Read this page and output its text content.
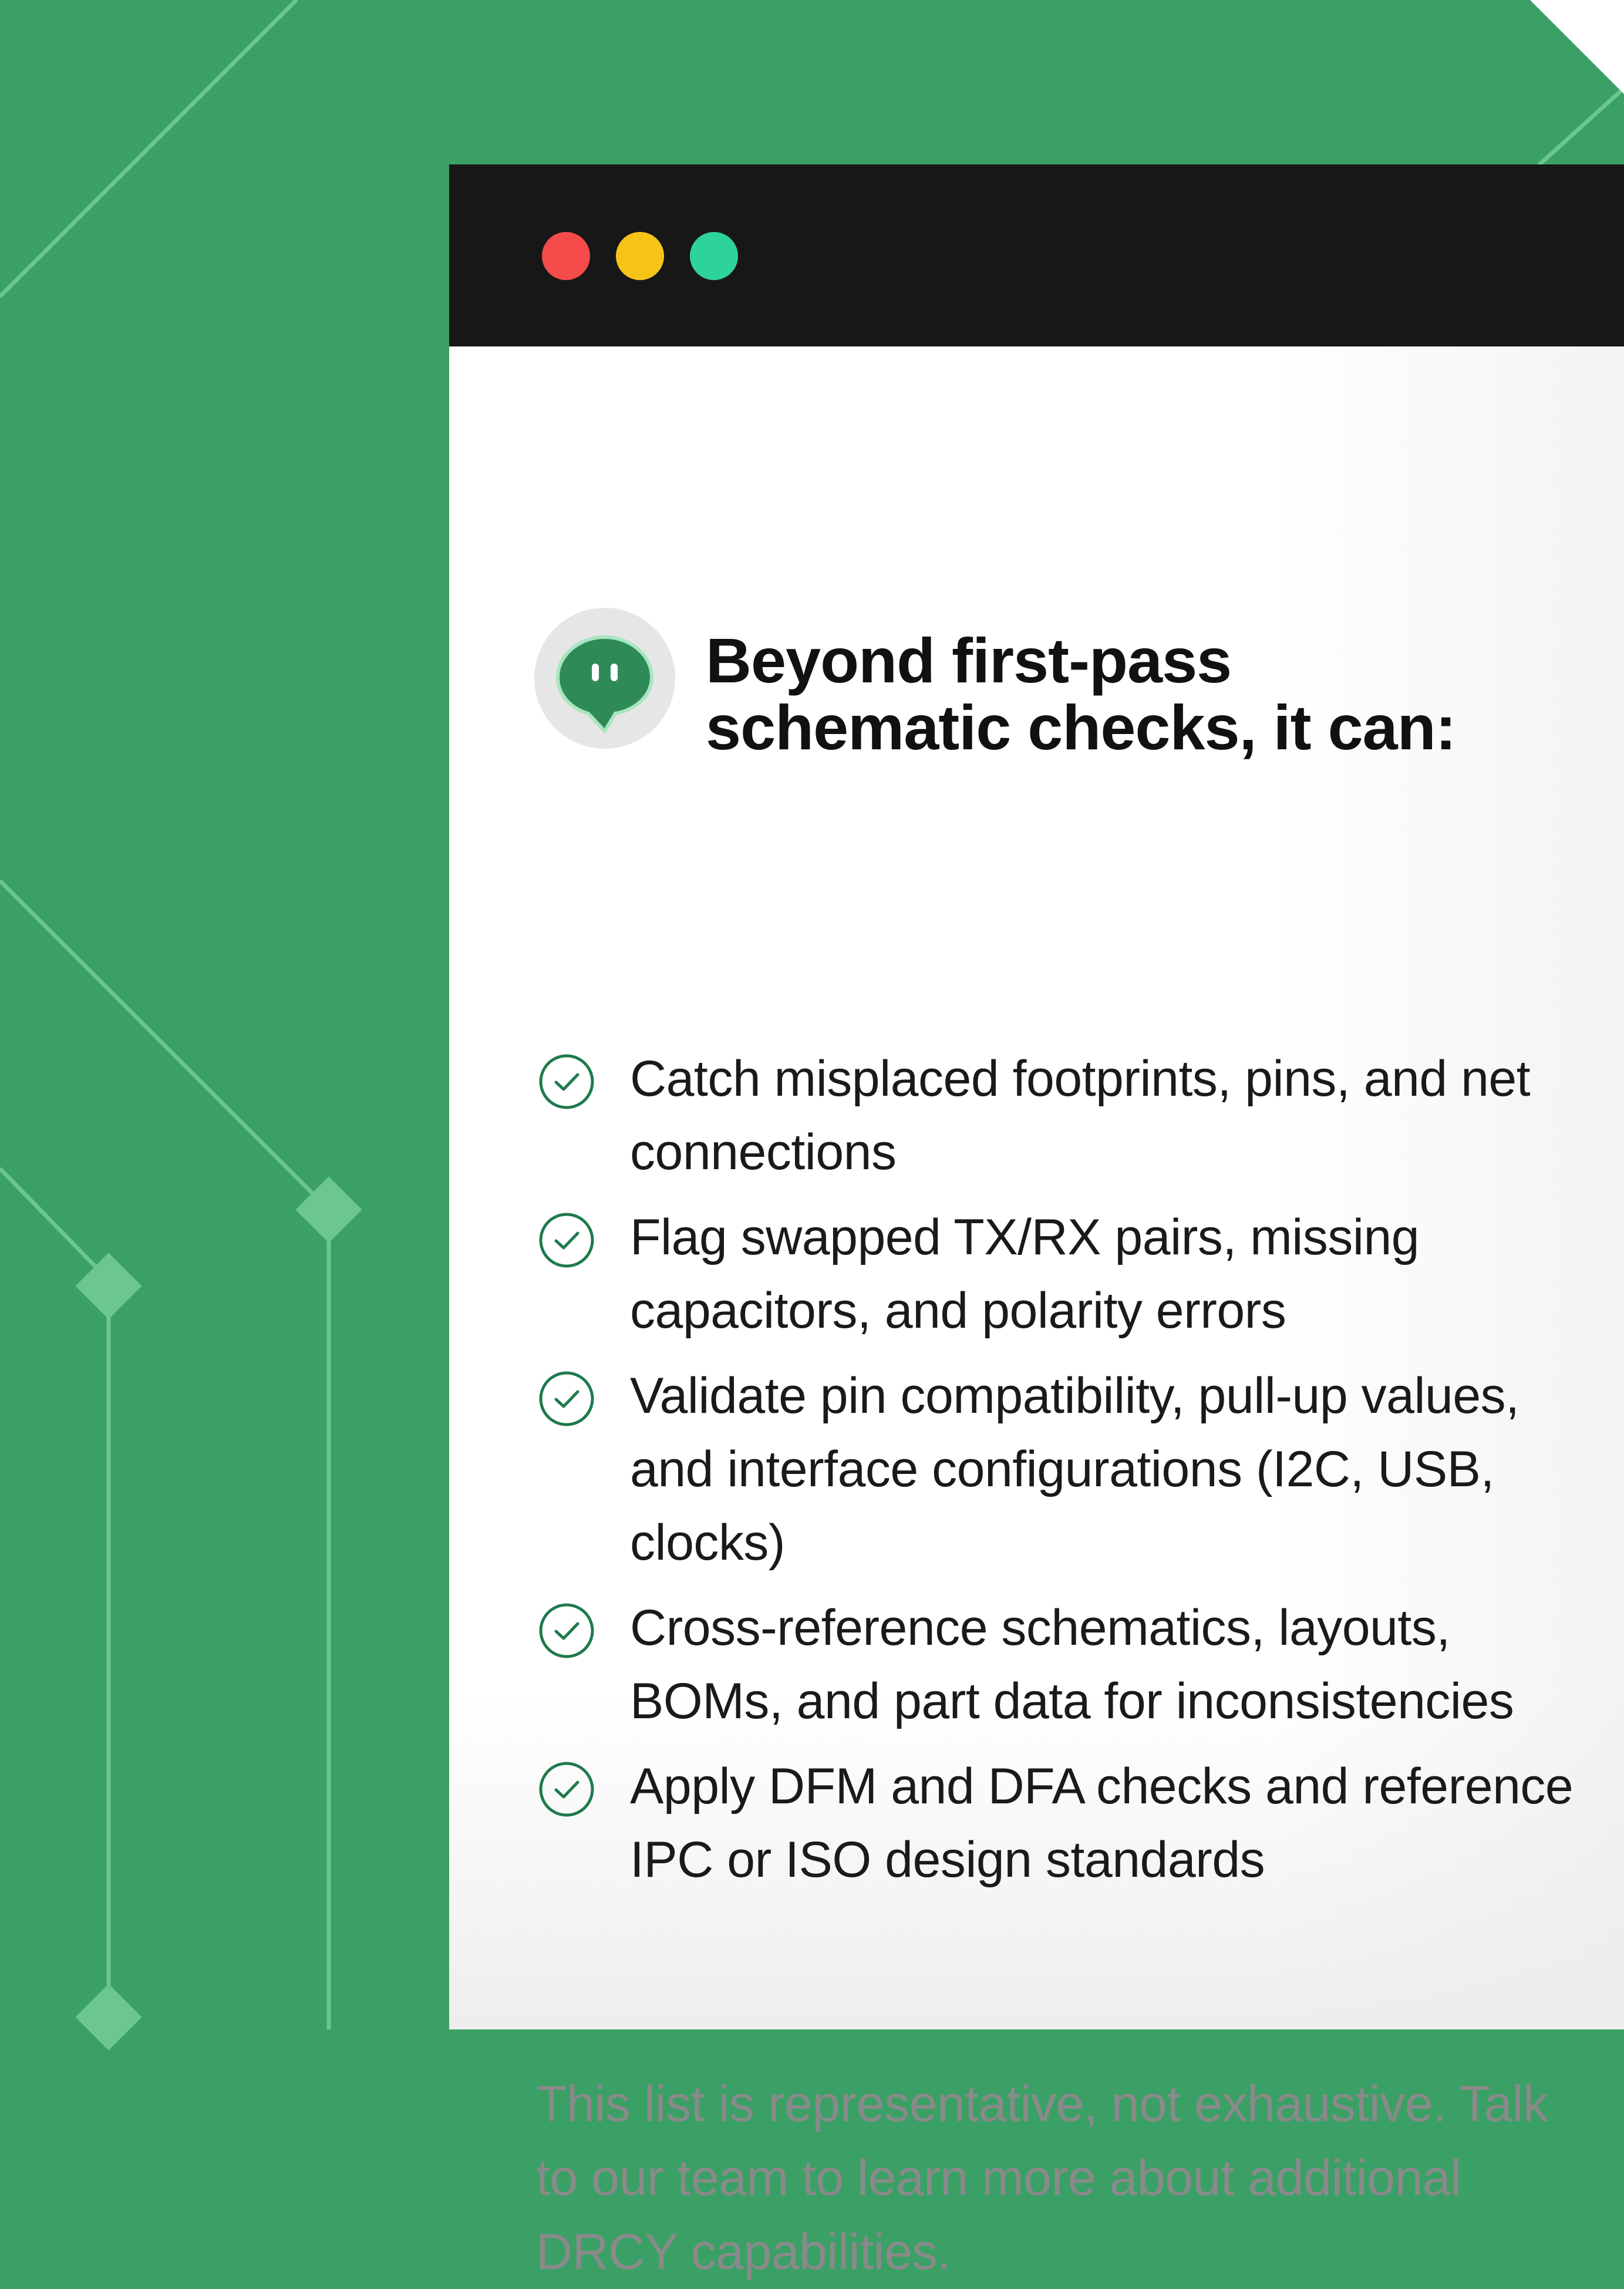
Beyond first-pass
schematic checks, it can:
Catch misplaced footprints, pins, and net connections
Flag swapped TX/RX pairs, missing capacitors, and polarity errors
Validate pin compatibility, pull-up values, and interface configurations (I2C, USB, clocks)
Cross-reference schematics, layouts, BOMs, and part data for inconsistencies
Apply DFM and DFA checks and reference IPC or ISO design standards

This list is representative, not exhaustive. Talk to our team to learn more about additional DRCY capabilities.
